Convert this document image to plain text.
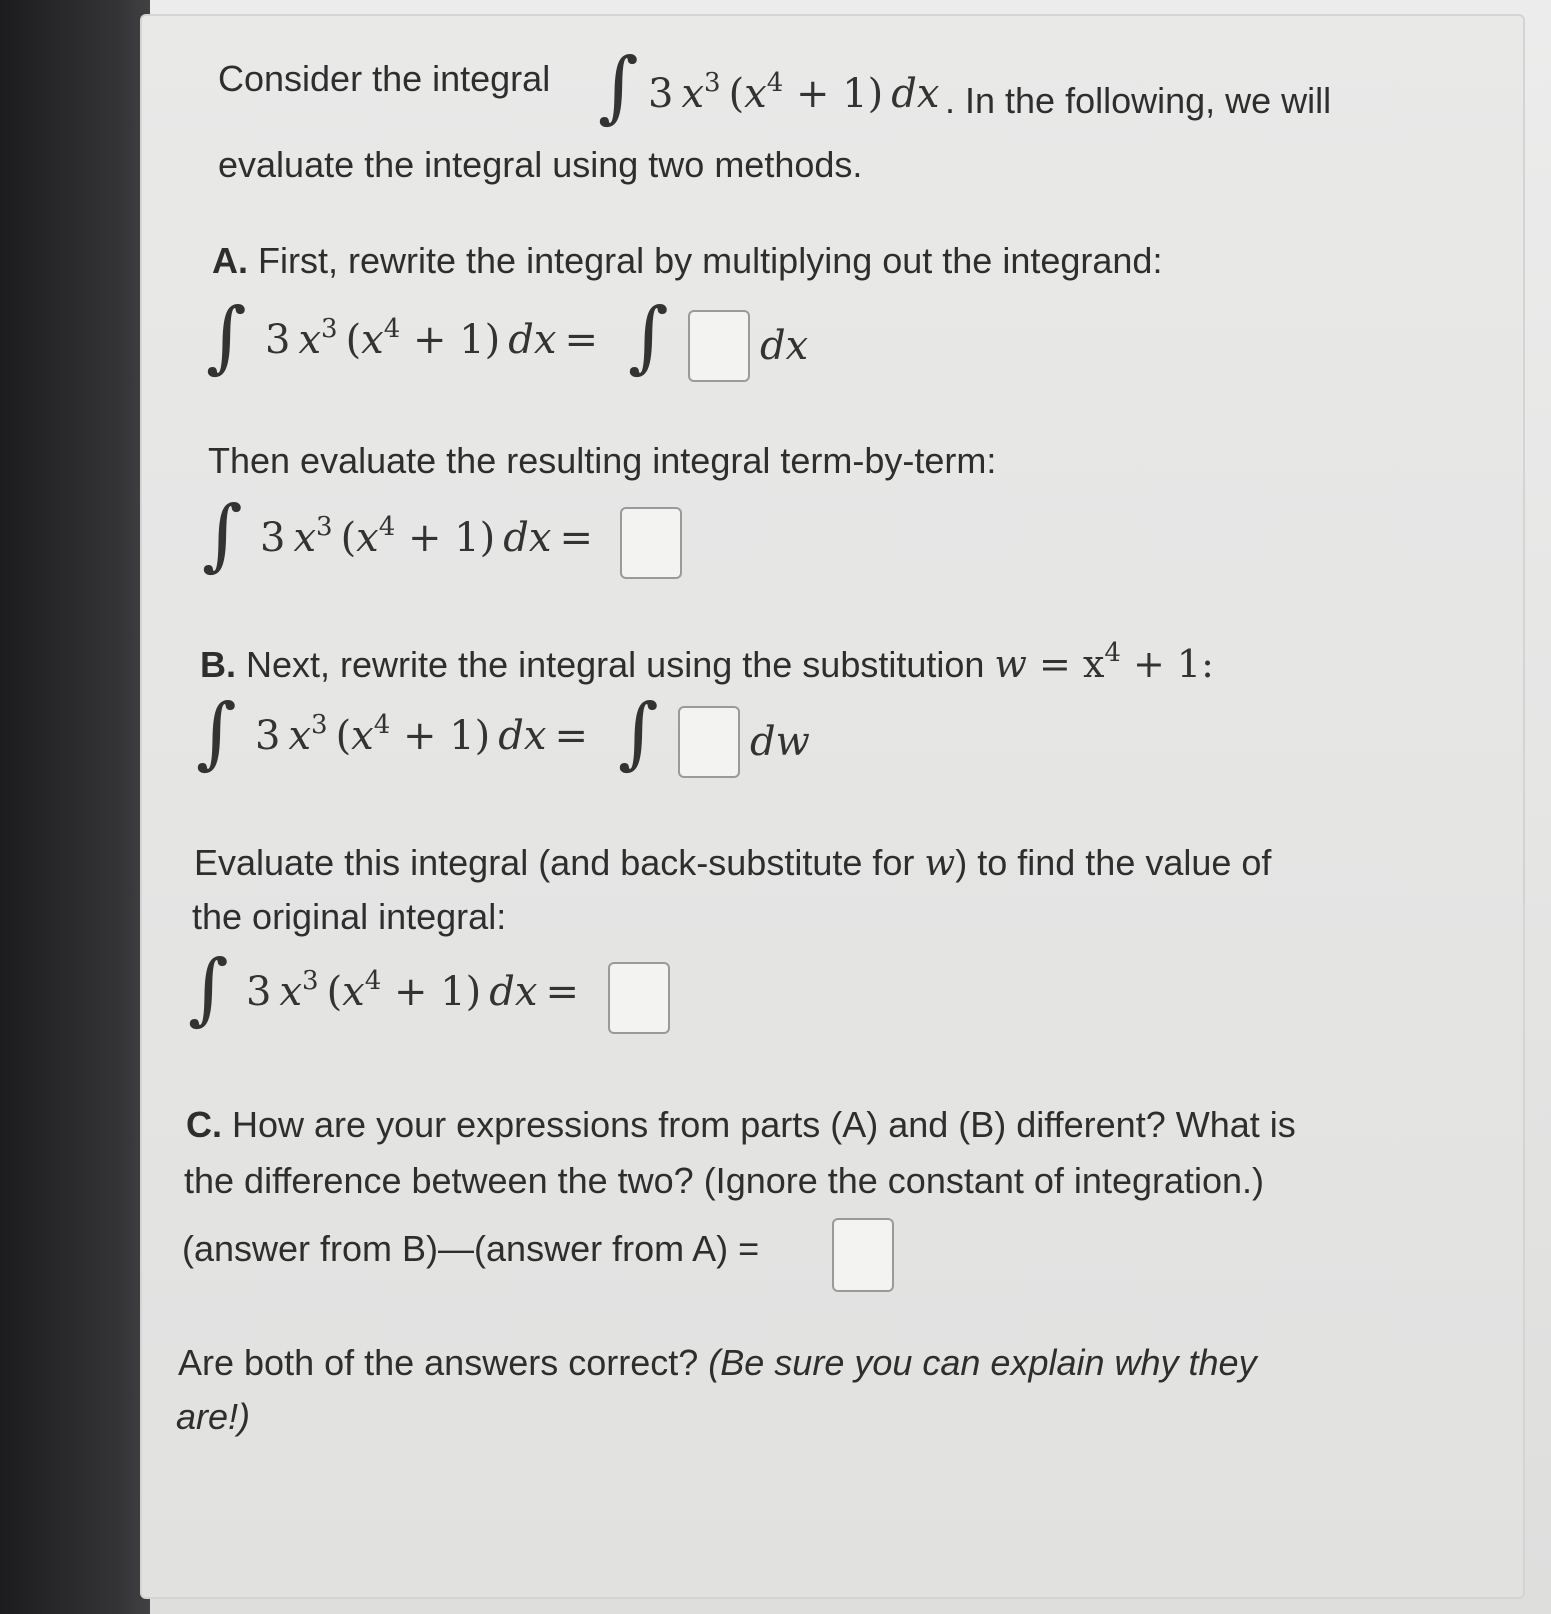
Consider the integral ∫ 3  $x^3$  $(x^4 + 1)$  dx . In the following, we will
evaluate the integral using two methods.
A. First, rewrite the integral by multiplying out the integrand:
∫ 3  $x^3$  $(x^4 + 1)$  dx  = ∫ dx
Then evaluate the resulting integral term-by-term:
∫ 3  $x^3$  $(x^4 + 1)$  dx  =
B. Next, rewrite the integral using the substitution $w = x^4 + 1$:
∫ 3  $x^3$  $(x^4 + 1)$  dx  = ∫ dw
Evaluate this integral (and back-substitute for w) to find the value of
the original integral:
∫ 3  $x^3$  $(x^4 + 1)$  dx  =
C. How are your expressions from parts (A) and (B) different? What is
the difference between the two? (Ignore the constant of integration.)
(answer from B)—(answer from A) =
Are both of the answers correct? (Be sure you can explain why they
are!)
